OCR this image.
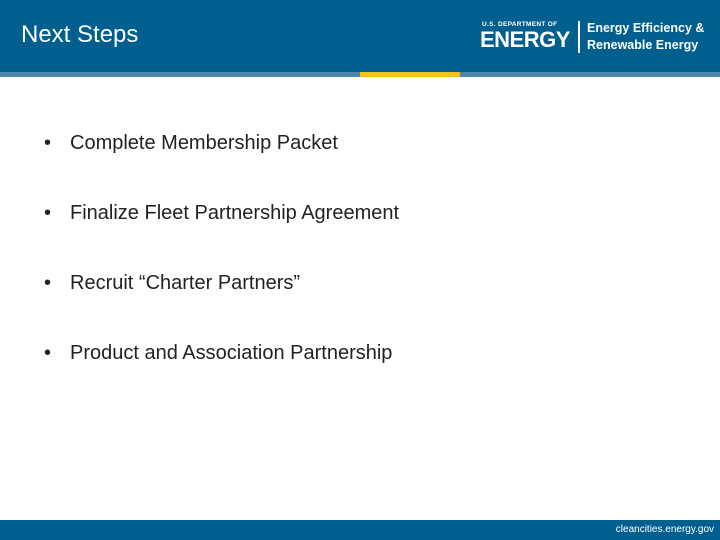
Next Steps	U.S. DEPARTMENT OF
ENERGY Energy Efficiency &
Renewable Energy
• Complete Membership Packet
• Finalize Fleet Partnership Agreement
• Recruit “Charter Partners”
• Product and Association Partnership
cleancities.energy.gov
